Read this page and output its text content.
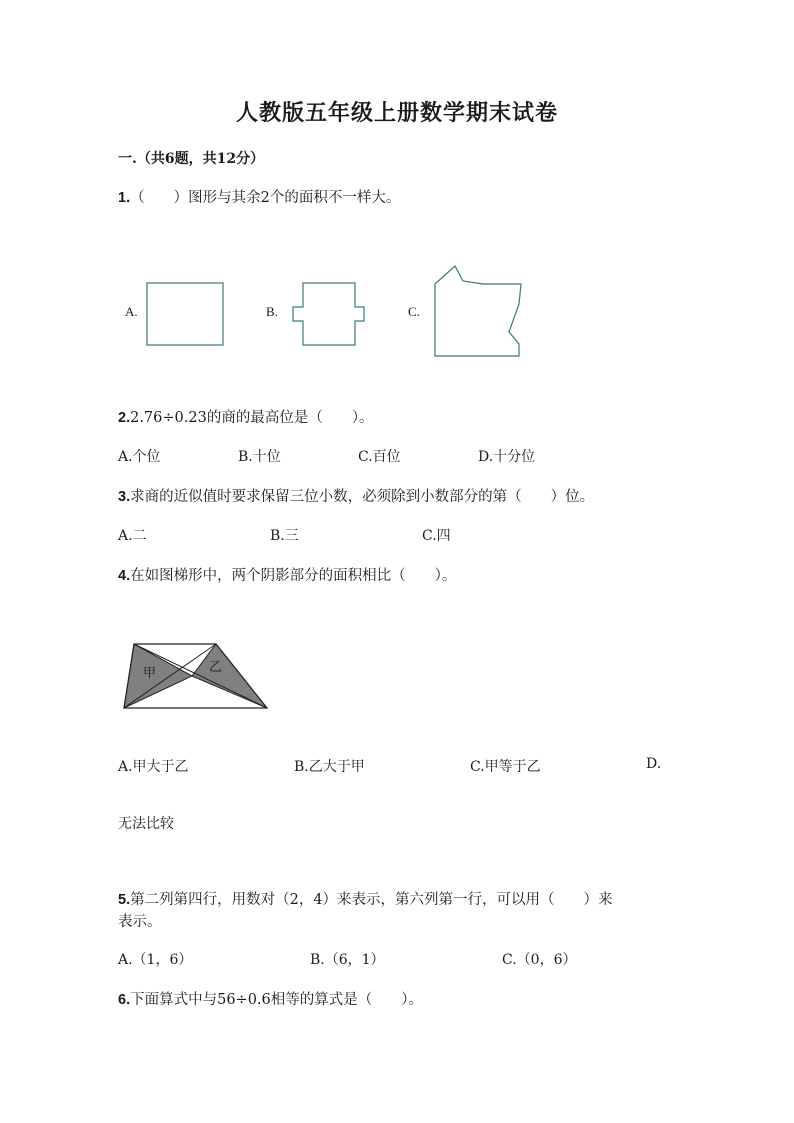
人教版五年级上册数学期末试卷
一.（共6题，共12分）
1.（　　）图形与其余2个的面积不一样大。
A.	B.	C.
2.2.76÷0.23的商的最高位是（　　）。
A.个位	B.十位	C.百位	D.十分位
3.求商的近似值时要求保留三位小数，必须除到小数部分的第（　　）位。
A.二	B.三	C.四
4.在如图梯形中，两个阴影部分的面积相比（　　）。
甲	乙
A.甲大于乙	B.乙大于甲	C.甲等于乙	D.
无法比较
5.第二列第四行，用数对（2，4）来表示，第六列第一行，可以用（　　）来
表示。
A.（1，6）	B.（6，1）	C.（0，6）
6.下面算式中与56÷0.6相等的算式是（　　）。
